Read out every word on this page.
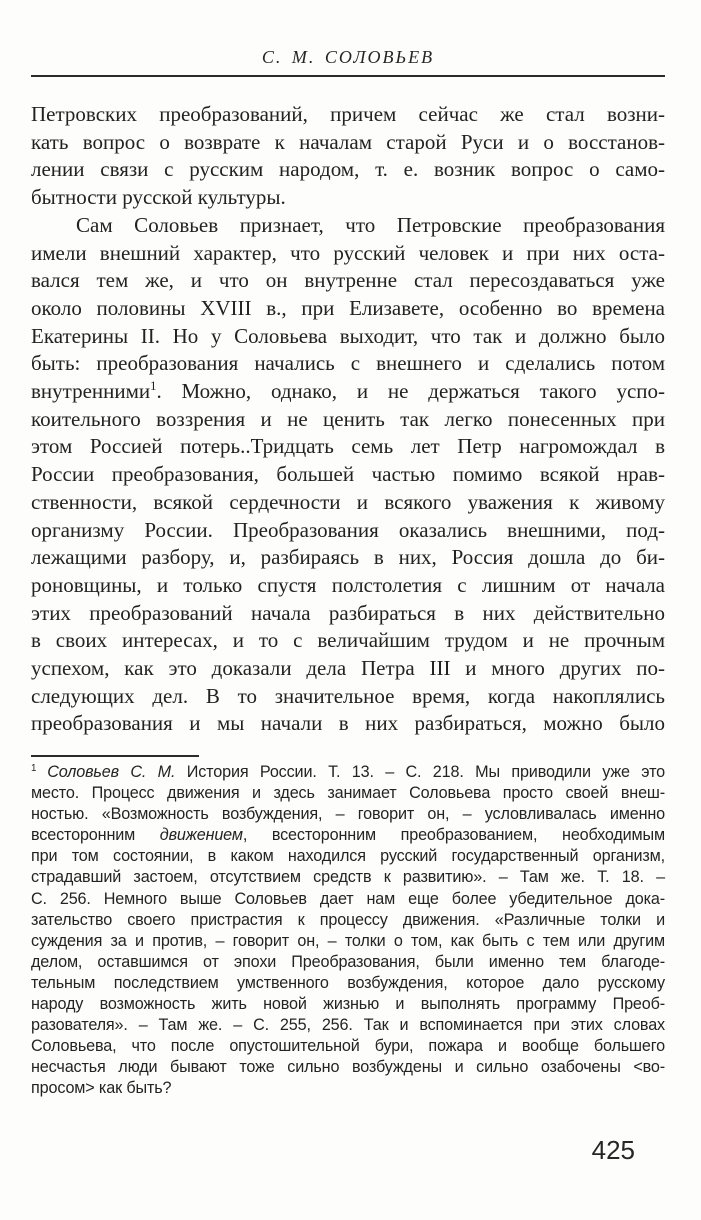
С. М. СОЛОВЬЕВ
Петровских преобразований, причем сейчас же стал возни-
кать вопрос о возврате к началам старой Руси и о восстанов-
лении связи с русским народом, т. е. возник вопрос о само-
бытности русской культуры.
Сам Соловьев признает, что Петровские преобразования
имели внешний характер, что русский человек и при них оста-
вался тем же, и что он внутренне стал пересоздаваться уже
около половины XVIII в., при Елизавете, особенно во времена
Екатерины II. Но у Соловьева выходит, что так и должно было
быть: преобразования начались с внешнего и сделались потом
внутренними$^1$. Можно, однако, и не держаться такого успо-
коительного воззрения и не ценить так легко понесенных при
этом Россией потерь..Тридцать семь лет Петр нагромождал в
России преобразования, большей частью помимо всякой нрав-
ственности, всякой сердечности и всякого уважения к живому
организму России. Преобразования оказались внешними, под-
лежащими разбору, и, разбираясь в них, Россия дошла до би-
роновщины, и только спустя полстолетия с лишним от начала
этих преобразований начала разбираться в них действительно
в своих интересах, и то с величайшим трудом и не прочным
успехом, как это доказали дела Петра III и много других по-
следующих дел. В то значительное время, когда накоплялись
преобразования и мы начали в них разбираться, можно было
$^1$ Соловьев С. М. История России. Т. 13. – С. 218. Мы приводили уже это
место. Процесс движения и здесь занимает Соловьева просто своей внеш-
ностью. «Возможность возбуждения, – говорит он, – условливалась именно
всесторонним движением, всесторонним преобразованием, необходимым
при том состоянии, в каком находился русский государственный организм,
страдавший застоем, отсутствием средств к развитию». – Там же. Т. 18. –
С. 256. Немного выше Соловьев дает нам еще более убедительное дока-
зательство своего пристрастия к процессу движения. «Различные толки и
суждения за и против, – говорит он, – толки о том, как быть с тем или другим
делом, оставшимся от эпохи Преобразования, были именно тем благоде-
тельным последствием умственного возбуждения, которое дало русскому
народу возможность жить новой жизнью и выполнять программу Преоб-
разователя». – Там же. – С. 255, 256. Так и вспоминается при этих словах
Соловьева, что после опустошительной бури, пожара и вообще большего
несчастья люди бывают тоже сильно возбуждены и сильно озабочены <во-
просом> как быть?
425
